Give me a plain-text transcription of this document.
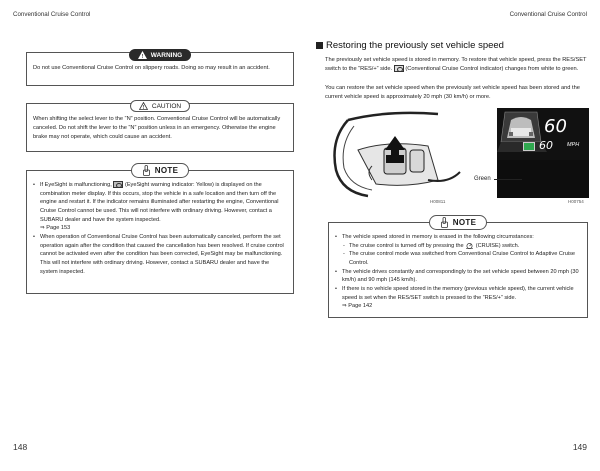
Conventional Cruise Control	Conventional Cruise Control
! WARNING
Do not use Conventional Cruise Control on slippery roads. Doing so may result in an accident.
! CAUTION
When shifting the select lever to the “N” position. Conventional Cruise Control will be automatically canceled. Do not shift the lever to the “N” position unless in an emergency. Otherwise the engine brake may not operate, which could cause an accident.
NOTE
• If EyeSight is malfunctioning, (EyeSight warning indicator: Yellow) is displayed on the combination meter display. If this occurs, stop the vehicle in a safe location and then turn off the engine and restart it. If the indicator remains illuminated after restarting the engine, Conventional Cruise Control cannot be used. This will not interfere with ordinary driving. However, contact a SUBARU dealer and have the system inspected.
⇒ Page 153
• When operation of Conventional Cruise Control has been automatically canceled, perform the set operation again after the condition that caused the cancellation has been resolved. If cruise control cannot be activated even after the condition has been corrected, EyeSight may be malfunctioning. This will not interfere with ordinary driving. However, contact a SUBARU dealer and have the system inspected.
Restoring the previously set vehicle speed
The previously set vehicle speed is stored in memory. To restore that vehicle speed, press the RES/SET switch to the “RES/+” side. (Conventional Cruise Control indicator) changes from white to green.
You can restore the set vehicle speed when the previously set vehicle speed has been stored and the current vehicle speed is approximately 20 mph (30 km/h) or more.
H00811
60
60	MPH
Green
H00754
NOTE
• The vehicle speed stored in memory is erased in the following circumstances:
- The cruise control is turned off by pressing the (CRUISE) switch.
- The cruise control mode was switched from Conventional Cruise Control to Adaptive Cruise Control.
• The vehicle drives constantly and correspondingly to the set vehicle speed between 20 mph (30 km/h) and 90 mph (145 km/h).
• If there is no vehicle speed stored in the memory (previous vehicle speed), the current vehicle speed is set when the RES/SET switch is pressed to the “RES/+” side.
⇒ Page 142
148	149
